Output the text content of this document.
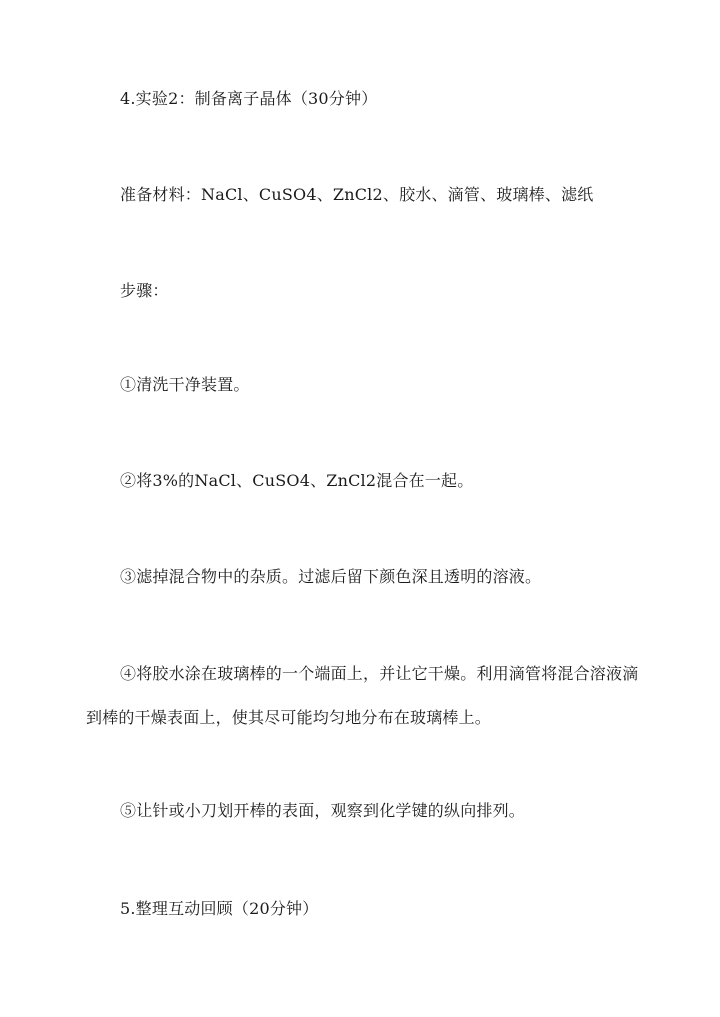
4.实验2：制备离子晶体（30分钟）
准备材料：NaCl、CuSO4、ZnCl2、胶水、滴管、玻璃棒、滤纸
步骤：
①清洗干净装置。
②将3%的NaCl、CuSO4、ZnCl2混合在一起。
③滤掉混合物中的杂质。过滤后留下颜色深且透明的溶液。
④将胶水涂在玻璃棒的一个端面上，并让它干燥。利用滴管将混合溶液滴到棒的干燥表面上，使其尽可能均匀地分布在玻璃棒上。
⑤让针或小刀划开棒的表面，观察到化学键的纵向排列。
5.整理互动回顾（20分钟）
